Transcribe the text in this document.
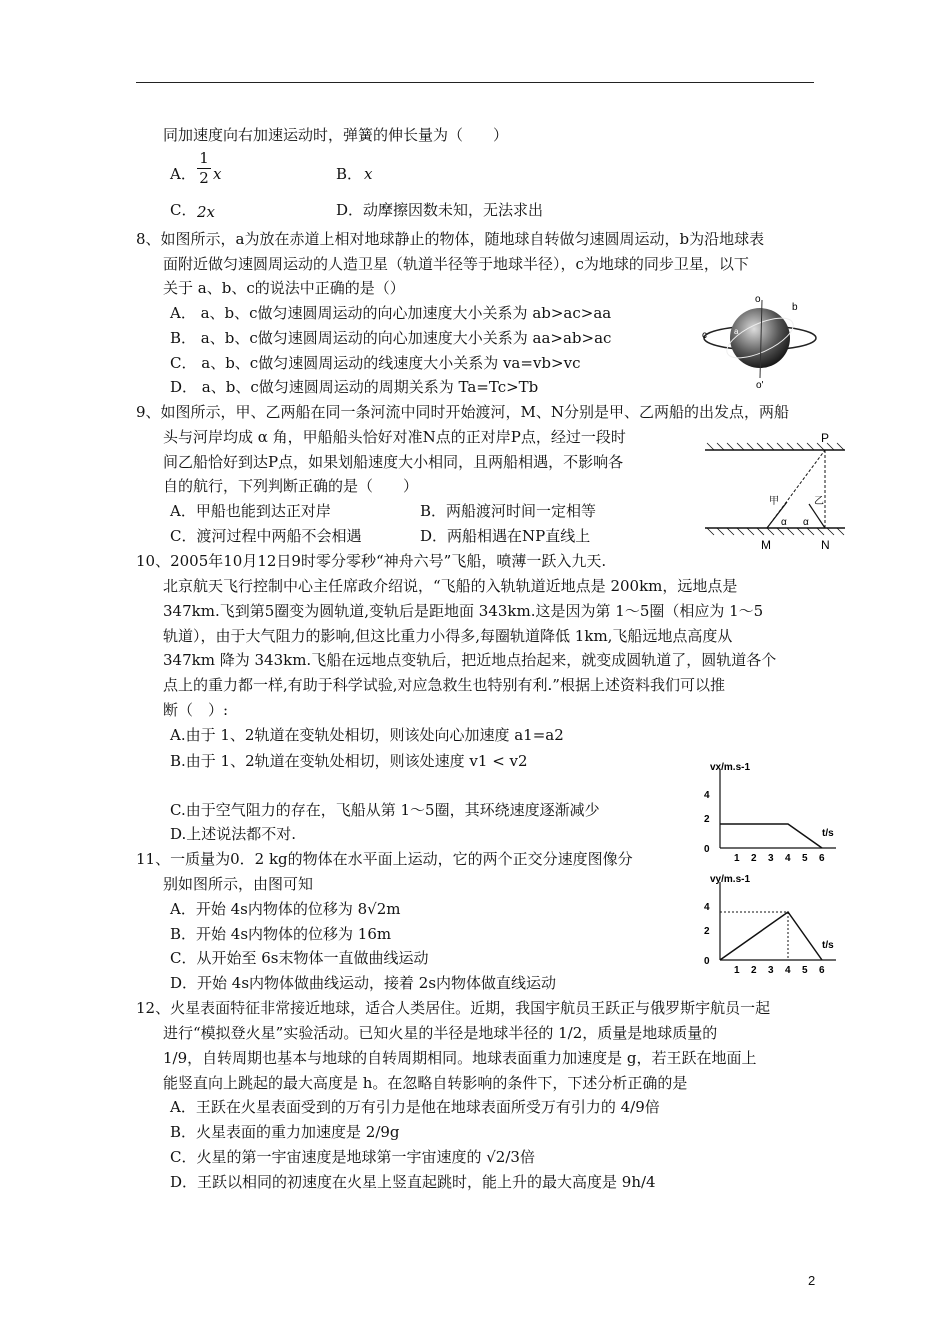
同加速度向右加速运动时，弹簧的伸长量为（　　）
A．
1
2 x	B． x
C． 2x	D．动摩擦因数未知，无法求出
8、如图所示，a为放在赤道上相对地球静止的物体，随地球自转做匀速圆周运动，b为沿地球表
面附近做匀速圆周运动的人造卫星（轨道半径等于地球半径），c为地球的同步卫星，以下
关于 a、b、c的说法中正确的是（）
A． a、b、c做匀速圆周运动的向心加速度大小关系为 ab>ac>aa
B． a、b、c做匀速圆周运动的向心加速度大小关系为 aa>ab>ac
C． a、b、c做匀速圆周运动的线速度大小关系为 va=vb>vc
D． a、b、c做匀速圆周运动的周期关系为 Ta=Tc>Tb
o
b
c	a
o'
9、如图所示，甲、乙两船在同一条河流中同时开始渡河，M、N分别是甲、乙两船的出发点，两船
头与河岸均成 α 角，甲船船头恰好对准N点的正对岸P点，经过一段时
间乙船恰好到达P点，如果划船速度大小相同，且两船相遇，不影响各
自的航行，下列判断正确的是（　　）
A．甲船也能到达正对岸	B．两船渡河时间一定相等
C．渡河过程中两船不会相遇	D．两船相遇在NP直线上
P
M	N
甲	乙
α α
10、2005年10月12日9时零分零秒“神舟六号”飞船，喷薄一跃入九天.
北京航天飞行控制中心主任席政介绍说，“飞船的入轨轨道近地点是 200km，远地点是
347km.飞到第5圈变为圆轨道,变轨后是距地面 343km.这是因为第 1～5圈（相应为 1～5
轨道），由于大气阻力的影响,但这比重力小得多,每圈轨道降低 1km,飞船远地点高度从
347km 降为 343km.飞船在远地点变轨后，把近地点抬起来，就变成圆轨道了，圆轨道各个
点上的重力都一样,有助于科学试验,对应急救生也特别有利.”根据上述资料我们可以推
断（　）:
A.由于 1、2轨道在变轨处相切，则该处向心加速度 a1=a2
B.由于 1、2轨道在变轨处相切，则该处速度 v1 < v2
C.由于空气阻力的存在，飞船从第 1～5圈，其环绕速度逐渐减少
D.上述说法都不对.
11、一质量为0．2 kg的物体在水平面上运动，它的两个正交分速度图像分
别如图所示，由图可知
A．开始 4s内物体的位移为 8√2m
B．开始 4s内物体的位移为 16m
C．从开始至 6s末物体一直做曲线运动
D．开始 4s内物体做曲线运动，接着 2s内物体做直线运动
vx/m.s-1
t/s
4
2
0
1 2 3 4 5 6
vy/m.s-1
t/s
4
2
0
1 2 3 4 5 6
12、火星表面特征非常接近地球，适合人类居住。近期，我国宇航员王跃正与俄罗斯宇航员一起
进行“模拟登火星”实验活动。已知火星的半径是地球半径的 1/2，质量是地球质量的
1/9，自转周期也基本与地球的自转周期相同。地球表面重力加速度是 g，若王跃在地面上
能竖直向上跳起的最大高度是 h。在忽略自转影响的条件下，下述分析正确的是
A．王跃在火星表面受到的万有引力是他在地球表面所受万有引力的 4/9倍
B．火星表面的重力加速度是 2/9g
C．火星的第一宇宙速度是地球第一宇宙速度的 √2/3倍
D．王跃以相同的初速度在火星上竖直起跳时，能上升的最大高度是 9h/4
2
